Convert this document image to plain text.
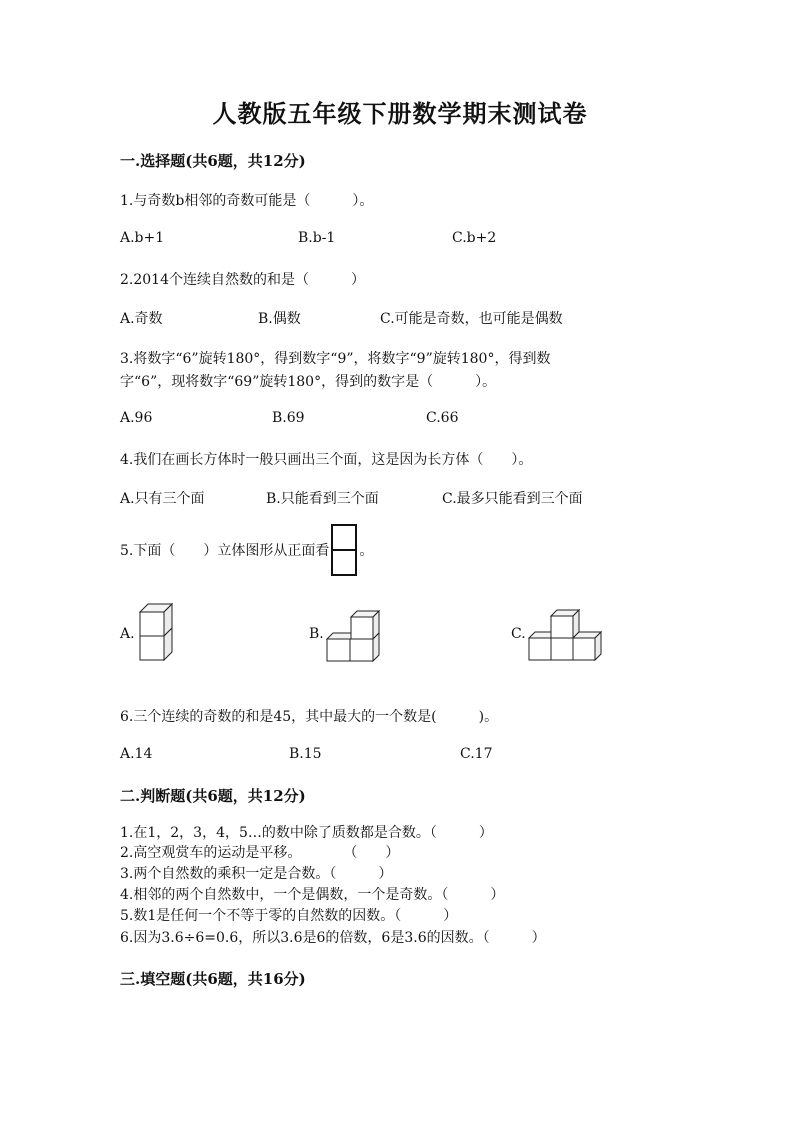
人教版五年级下册数学期末测试卷
一.选择题(共6题，共12分)
1.与奇数b相邻的奇数可能是（　　　）。
A.b+1	B.b-1	C.b+2
2.2014个连续自然数的和是（　　　）
A.奇数	B.偶数	C.可能是奇数，也可能是偶数
3.将数字“6”旋转180°，得到数字“9”，将数字“9”旋转180°，得到数
字“6”，现将数字“69”旋转180°，得到的数字是（　　　）。
A.96	B.69	C.66
4.我们在画长方体时一般只画出三个面，这是因为长方体（　　）。
A.只有三个面	B.只能看到三个面	C.最多只能看到三个面
5.下面（　　）立体图形从正面看 。
A.	B.	C.
6.三个连续的奇数的和是45，其中最大的一个数是(　　　)。
A.14	B.15	C.17
二.判断题(共6题，共12分)
1.在1，2，3，4，5…的数中除了质数都是合数。（　　　）
2.高空观赏车的运动是平移。　　　　（　　）
3.两个自然数的乘积一定是合数。（　　　）
4.相邻的两个自然数中，一个是偶数，一个是奇数。（　　　）
5.数1是任何一个不等于零的自然数的因数。（　　　）
6.因为3.6÷6=0.6，所以3.6是6的倍数，6是3.6的因数。（　　　）
三.填空题(共6题，共16分)
